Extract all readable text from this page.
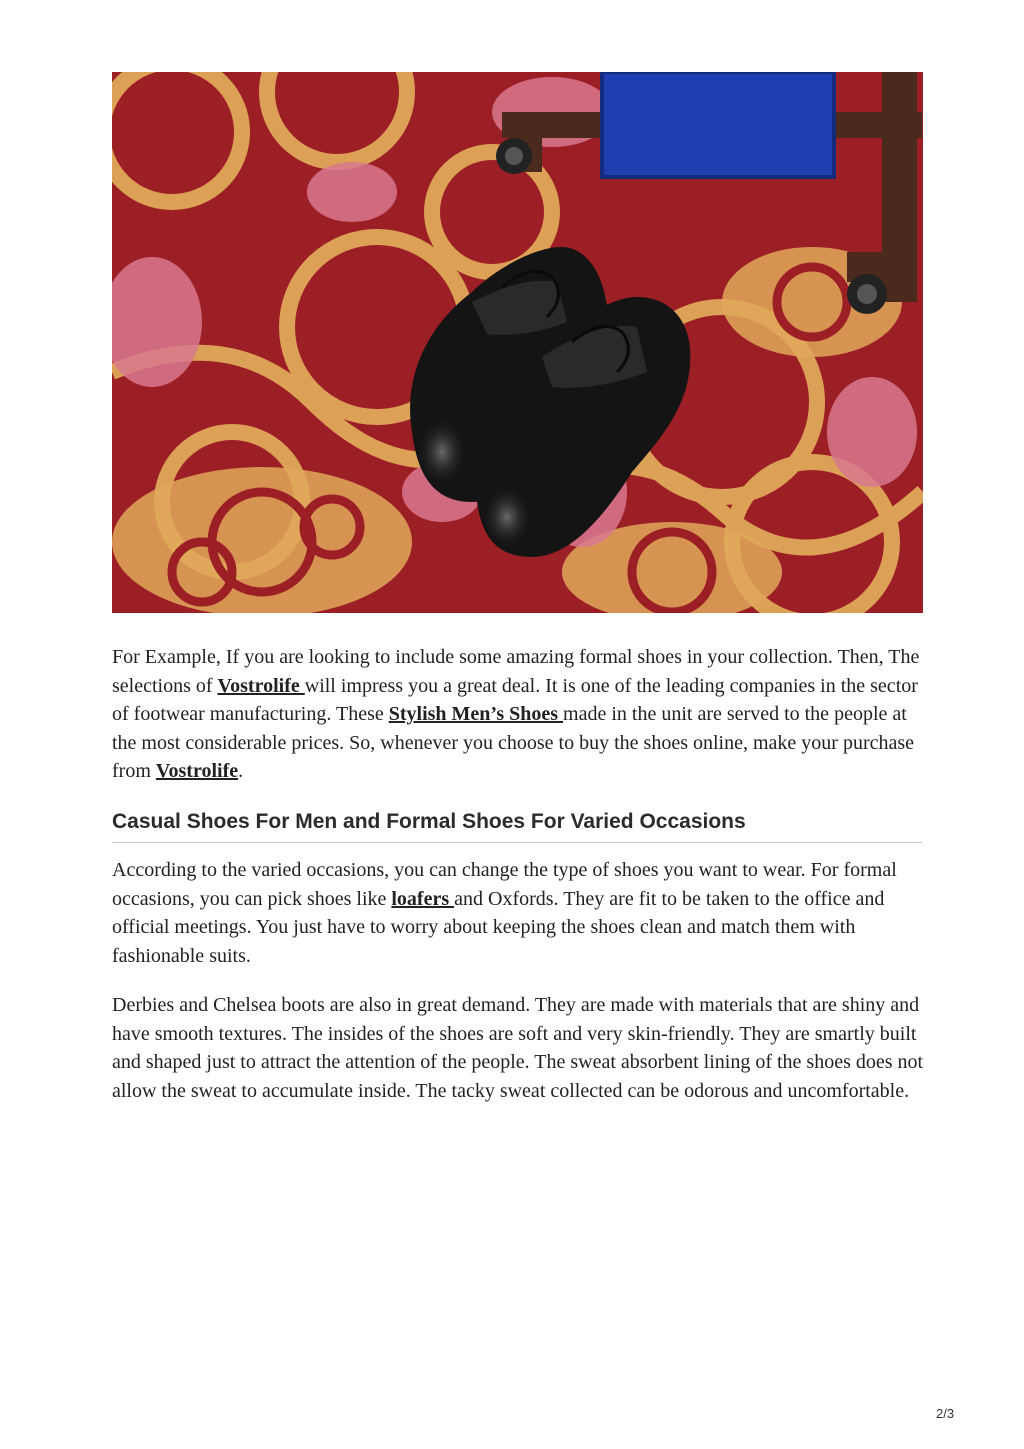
For Example, If you are looking to include some amazing formal shoes in your collection. Then, The selections of Vostrolife will impress you a great deal. It is one of the leading companies in the sector of footwear manufacturing. These Stylish Men’s Shoes made in the unit are served to the people at the most considerable prices. So, whenever you choose to buy the shoes online, make your purchase from Vostrolife.

Casual Shoes For Men and Formal Shoes For Varied Occasions

According to the varied occasions, you can change the type of shoes you want to wear. For formal occasions, you can pick shoes like loafers and Oxfords. They are fit to be taken to the office and official meetings. You just have to worry about keeping the shoes clean and match them with fashionable suits.

Derbies and Chelsea boots are also in great demand. They are made with materials that are shiny and have smooth textures. The insides of the shoes are soft and very skin-friendly. They are smartly built and shaped just to attract the attention of the people. The sweat absorbent lining of the shoes does not allow the sweat to accumulate inside. The tacky sweat collected can be odorous and uncomfortable.

2/3
